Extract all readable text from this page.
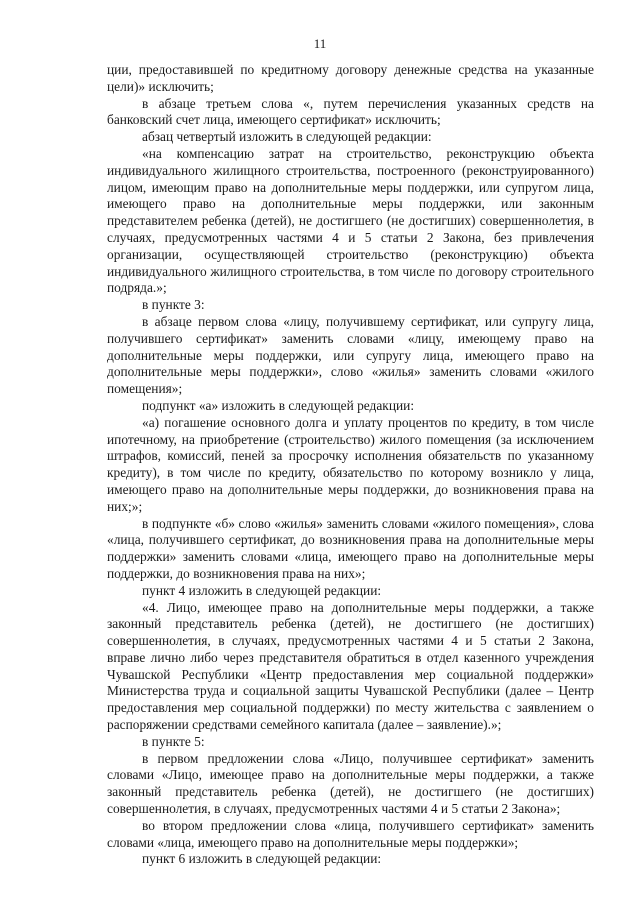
11

ции, предоставившей по кредитному договору денежные средства на указанные цели)» исключить;

в абзаце третьем слова «, путем перечисления указанных средств на банковский счет лица, имеющего сертификат» исключить;

абзац четвертый изложить в следующей редакции:

«на компенсацию затрат на строительство, реконструкцию объекта индивидуального жилищного строительства, построенного (реконструированного) лицом, имеющим право на дополнительные меры поддержки, или супругом лица, имеющего право на дополнительные меры поддержки, или законным представителем ребенка (детей), не достигшего (не достигших) совершеннолетия, в случаях, предусмотренных частями 4 и 5 статьи 2 Закона, без привлечения организации, осуществляющей строительство (реконструкцию) объекта индивидуального жилищного строительства, в том числе по договору строительного подряда.»;

в пункте 3:

в абзаце первом слова «лицу, получившему сертификат, или супругу лица, получившего сертификат» заменить словами «лицу, имеющему право на дополнительные меры поддержки, или супругу лица, имеющего право на дополнительные меры поддержки», слово «жилья» заменить словами «жилого помещения»;

подпункт «а» изложить в следующей редакции:

«а) погашение основного долга и уплату процентов по кредиту, в том числе ипотечному, на приобретение (строительство) жилого помещения (за исключением штрафов, комиссий, пеней за просрочку исполнения обязательств по указанному кредиту), в том числе по кредиту, обязательство по которому возникло у лица, имеющего право на дополнительные меры поддержки, до возникновения права на них;»;

в подпункте «б» слово «жилья» заменить словами «жилого помещения», слова «лица, получившего сертификат, до возникновения права на дополнительные меры поддержки» заменить словами «лица, имеющего право на дополнительные меры поддержки, до возникновения права на них»;

пункт 4 изложить в следующей редакции:

«4. Лицо, имеющее право на дополнительные меры поддержки, а также законный представитель ребенка (детей), не достигшего (не достигших) совершеннолетия, в случаях, предусмотренных частями 4 и 5 статьи 2 Закона, вправе лично либо через представителя обратиться в отдел казенного учреждения Чувашской Республики «Центр предоставления мер социальной поддержки» Министерства труда и социальной защиты Чувашской Республики (далее – Центр предоставления мер социальной поддержки) по месту жительства с заявлением о распоряжении средствами семейного капитала (далее – заявление).»;

в пункте 5:

в первом предложении слова «Лицо, получившее сертификат» заменить словами «Лицо, имеющее право на дополнительные меры поддержки, а также законный представитель ребенка (детей), не достигшего (не достигших) совершеннолетия, в случаях, предусмотренных частями 4 и 5 статьи 2 Закона»;

во втором предложении слова «лица, получившего сертификат» заменить словами «лица, имеющего право на дополнительные меры поддержки»;

пункт 6 изложить в следующей редакции:
